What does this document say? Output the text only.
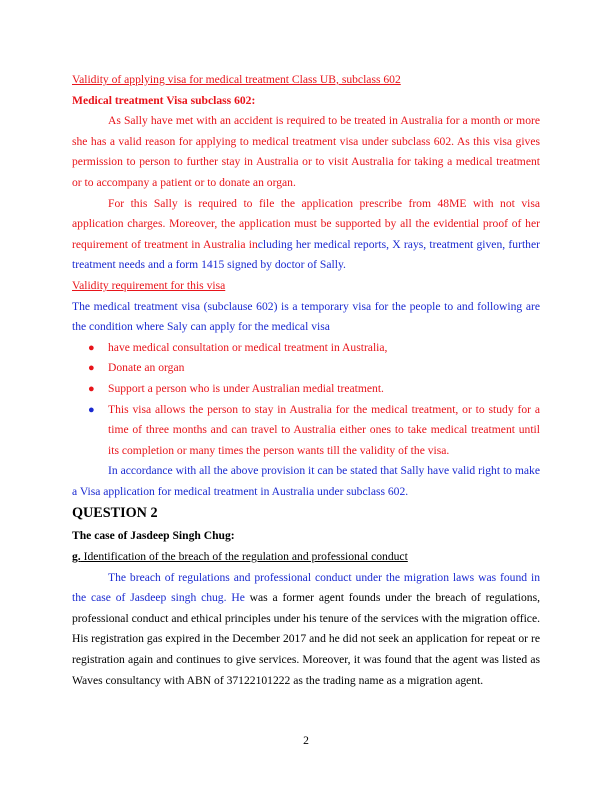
Validity of applying visa for medical treatment Class UB, subclass 602

Medical treatment Visa subclass 602:

As Sally have met with an accident is required to be treated in Australia for a month or more she has a valid reason for applying to medical treatment visa under subclass 602. As this visa gives permission to person to further stay in Australia or to visit Australia for taking a medical treatment or to accompany a patient or to donate an organ.

For this Sally is required to file the application prescribe from 48ME with not visa application charges. Moreover, the application must be supported by all the evidential proof of her requirement of treatment in Australia including her medical reports, X rays, treatment given, further treatment needs and a form 1415 signed by doctor of Sally.

Validity requirement for this visa

The medical treatment visa (subclause 602) is a temporary visa for the people to and following are the condition where Saly can apply for the medical visa

● have medical consultation or medical treatment in Australia,
● Donate an organ
● Support a person who is under Australian medial treatment.
● This visa allows the person to stay in Australia for the medical treatment, or to study for a time of three months and can travel to Australia either ones to take medical treatment until its completion or many times the person wants till the validity of the visa.

In accordance with all the above provision it can be stated that Sally have valid right to make a Visa application for medical treatment in Australia under subclass 602.

QUESTION 2

The case of Jasdeep Singh Chug:

g. Identification of the breach of the regulation and professional conduct

The breach of regulations and professional conduct under the migration laws was found in the case of Jasdeep singh chug. He was a former agent founds under the breach of regulations, professional conduct and ethical principles under his tenure of the services with the migration office. His registration gas expired in the December 2017 and he did not seek an application for repeat or re registration again and continues to give services. Moreover, it was found that the agent was listed as Waves consultancy with ABN of 37122101222 as the trading name as a migration agent.

2
